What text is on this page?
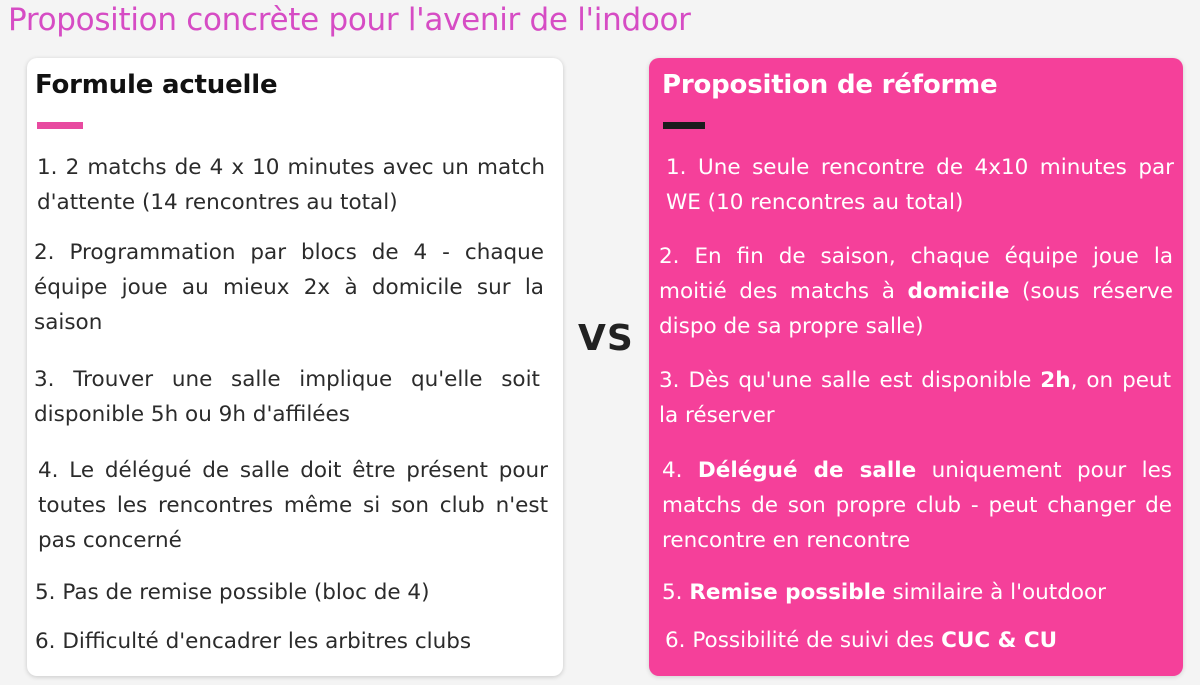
Proposition concrète pour l'avenir de l'indoor
Formule actuelle
1. 2 matchs de 4 x 10 minutes avec un match d'attente (14 rencontres au total)
2. Programmation par blocs de 4 - chaque équipe joue au mieux 2x à domicile sur la saison
3. Trouver une salle implique qu'elle soit disponible 5h ou 9h d'affilées
4. Le délégué de salle doit être présent pour toutes les rencontres même si son club n'est pas concerné
5. Pas de remise possible (bloc de 4)
6. Difficulté d'encadrer les arbitres clubs
VS
Proposition de réforme
1. Une seule rencontre de 4x10 minutes par WE (10 rencontres au total)
2. En fin de saison, chaque équipe joue la moitié des matchs à domicile (sous réserve dispo de sa propre salle)
3. Dès qu'une salle est disponible 2h, on peut la réserver
4. Délégué de salle uniquement pour les matchs de son propre club - peut changer de rencontre en rencontre
5. Remise possible similaire à l'outdoor
6. Possibilité de suivi des CUC & CU
